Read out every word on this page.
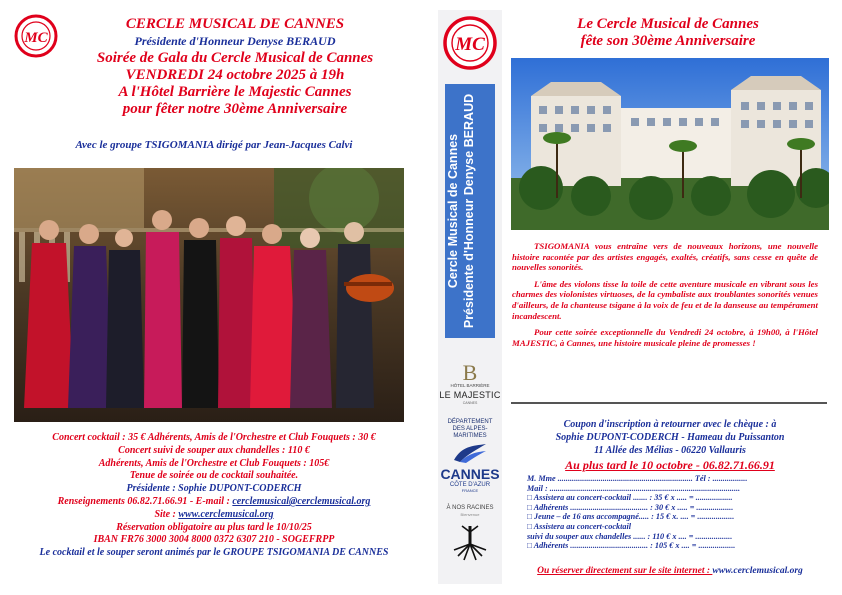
MC
CERCLE MUSICAL DE CANNES
Présidente d'Honneur Denyse BERAUD
Soirée de Gala du Cercle Musical de Cannes
VENDREDI 24 octobre 2025 à 19h
A l'Hôtel Barrière le Majestic Cannes
pour fêter notre 30ème Anniversaire
Avec le groupe TSIGOMANIA dirigé par Jean-Jacques Calvi
Concert cocktail : 35 € Adhérents, Amis de l'Orchestre et Club Fouquets : 30 €
Concert suivi de souper aux chandelles : 110 €
Adhérents, Amis de l'Orchestre et Club Fouquets : 105€
Tenue de soirée ou de cocktail souhaitée.
Présidente : Sophie DUPONT-CODERCH
Renseignements 06.82.71.66.91 - E-mail : cerclemusical@cerclemusical.org
Site : www.cerclemusical.org
Réservation obligatoire au plus tard le 10/10/25
IBAN FR76 3000 3004 8000 0372 6307 210 - SOGEFRPP
Le cocktail et le souper seront animés par le GROUPE TSIGOMANIA DE CANNES
MC
Cercle Musical de Cannes Présidente d'Honneur Denyse BERAUD
B
HÔTEL BARRIÈRE
LE MAJESTIC
CANNES
DÉPARTEMENT
DES ALPES-MARITIMES
CANNES
CÔTE D'AZUR
FRANCE
À NOS RACINES
Bienvenue
Le Cercle Musical de Cannes
fête son 30ème Anniversaire

TSIGOMANIA vous entraîne vers de nouveaux horizons, une nouvelle histoire racontée par des artistes engagés, exaltés, créatifs, sans cesse en quête de nouvelles sonorités.

L'âme des violons tisse la toile de cette aventure musicale en vibrant sous les charmes des violonistes virtuoses, de la cymbaliste aux troublantes sonorités venues d'ailleurs, de la chanteuse tsigane à la voix de feu et de la danseuse au tempérament incandescent.

Pour cette soirée exceptionnelle du Vendredi 24 octobre, à 19h00, à l'Hôtel MAJESTIC, à Cannes, une histoire musicale pleine de promesses !

Coupon d'inscription à retourner avec le chèque : à
Sophie DUPONT-CODERCH - Hameau du Puissanton
11 Allée des Mélias - 06220 Vallauris
Au plus tard le 10 octobre - 06.82.71.66.91
M. Mme .................................................................. Tél : .................
Mail : .............................................................................................
□ Assistera au concert-cocktail ....... : 35 € x ..... = ..................
□ Adhérents ...................................... : 30 € x ..... = ..................
□ Jeune – de 16 ans accompagné..... : 15 € x. .... = ..................
□ Assistera au concert-cocktail
suivi du souper aux chandelles ...... : 110 € x .... = ..................
□ Adhérents ...................................... : 105 € x .... = ..................
Ou réserver directement sur le site internet : www.cerclemusical.org
